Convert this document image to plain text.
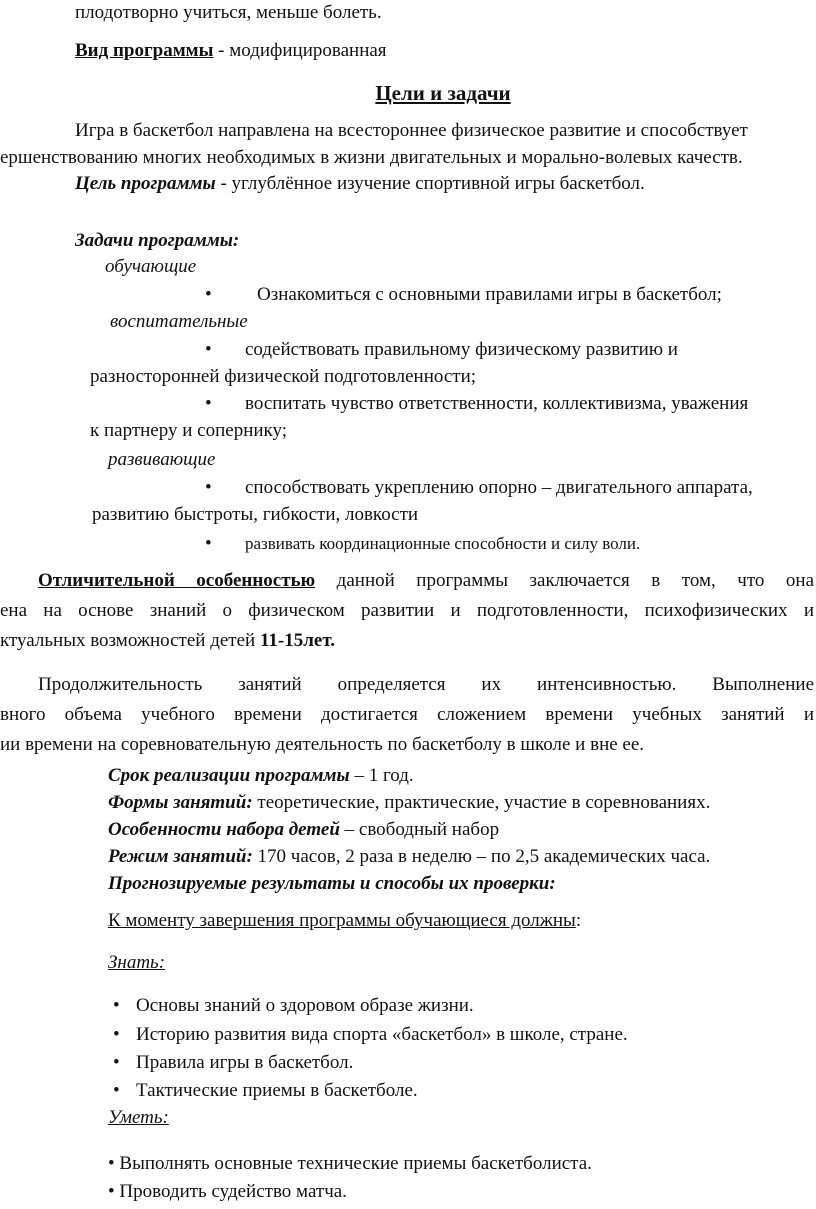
плодотворно учиться, меньше болеть.
Вид программы - модифицированная
Цели и задачи
Игра в баскетбол направлена на всестороннее физическое развитие и способствует
ершенствованию многих необходимых в жизни двигательных и морально-волевых качеств.
Цель программы - углублённое изучение спортивной игры баскетбол.
Задачи программы:
обучающие
• Ознакомиться с основными правилами игры в баскетбол;
воспитательные
• содействовать правильному физическому развитию и
разносторонней физической подготовленности;
• воспитать чувство ответственности, коллективизма, уважения
к партнеру и сопернику;
развивающие
• способствовать укреплению опорно – двигательного аппарата,
развитию быстроты, гибкости, ловкости
• развивать координационные способности и силу воли.
Отличительной особенностью данной программы заключается в том, что она
ена на основе знаний о физическом развитии и подготовленности, психофизических и
ктуальных возможностей детей 11-15лет.
Продолжительность занятий определяется их интенсивностью. Выполнение
вного объема учебного времени достигается сложением времени учебных занятий и
ии времени на соревновательную деятельность по баскетболу в школе и вне ее.
Срок реализации программы – 1 год.
Формы занятий: теоретические, практические, участие в соревнованиях.
Особенности набора детей – свободный набор
Режим занятий: 170 часов, 2 раза в неделю – по 2,5 академических часа.
Прогнозируемые результаты и способы их проверки:
К моменту завершения программы обучающиеся должны:
Знать:
• Основы знаний о здоровом образе жизни.
• Историю развития вида спорта «баскетбол» в школе, стране.
• Правила игры в баскетбол.
• Тактические приемы в баскетболе.
Уметь:
• Выполнять основные технические приемы баскетболиста.
• Проводить судейство матча.
